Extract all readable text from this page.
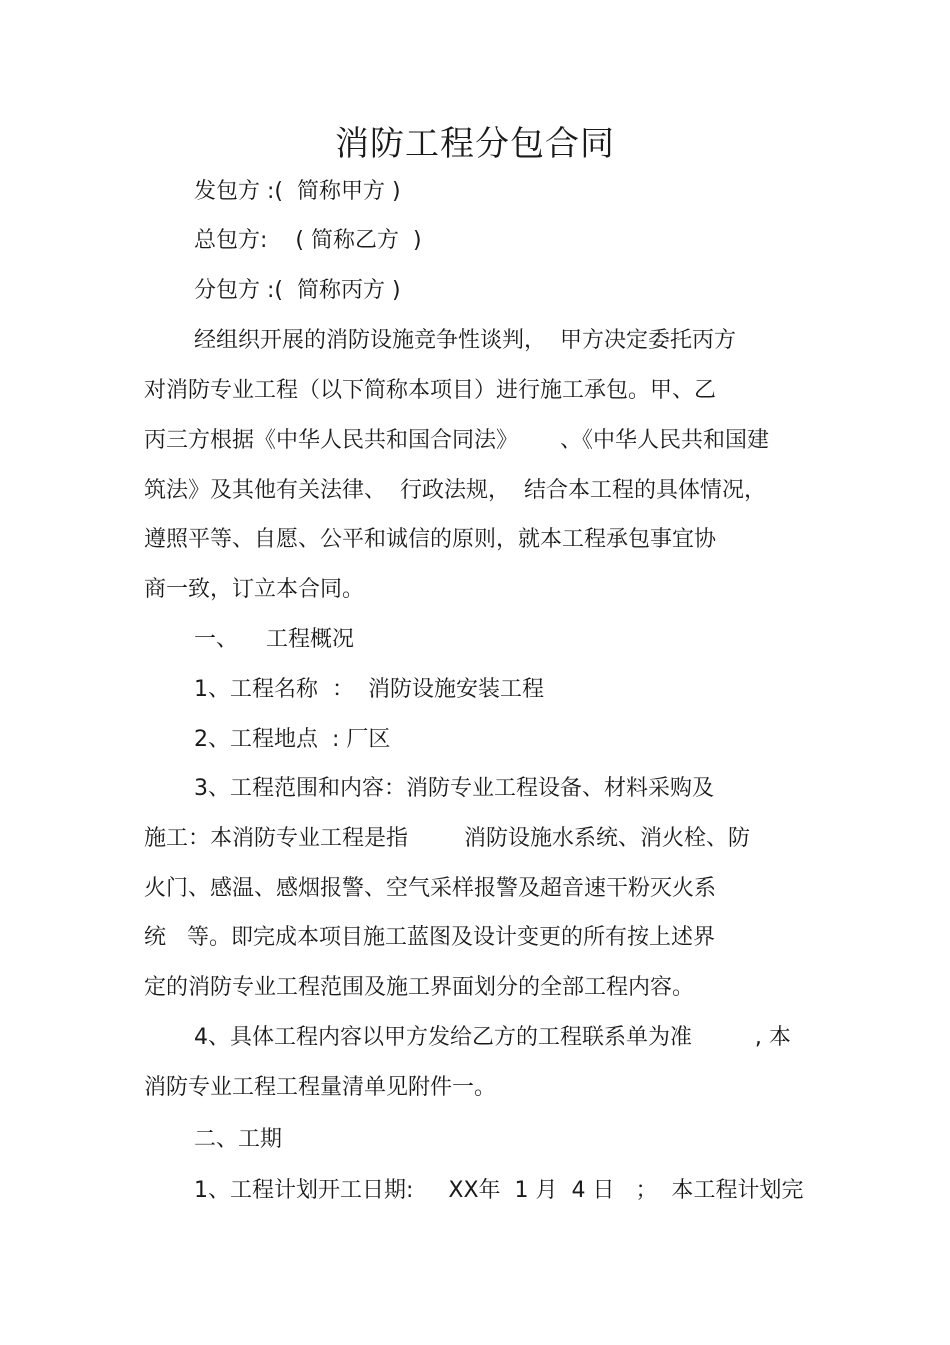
消防工程分包合同
发包方 :(  简称甲方 )
总包方:    ( 简称乙方  )
分包方 :(  简称丙方 )
经组织开展的消防设施竞争性谈判，  甲方决定委托丙方
对消防专业工程（以下简称本项目）进行施工承包。甲、乙
丙三方根据《中华人民共和国合同法》      、《中华人民共和国建
筑法》及其他有关法律、  行政法规，  结合本工程的具体情况，
遵照平等、自愿、公平和诚信的原则，就本工程承包事宜协
商一致，订立本合同。
一、    工程概况
1、工程名称  ：  消防设施安装工程
2、工程地点  : 厂区
3、工程范围和内容：消防专业工程设备、材料采购及
施工：本消防专业工程是指        消防设施水系统、消火栓、防
火门、感温、感烟报警、空气采样报警及超音速干粉灭火系
统   等。即完成本项目施工蓝图及设计变更的所有按上述界
定的消防专业工程范围及施工界面划分的全部工程内容。
4、具体工程内容以甲方发给乙方的工程联系单为准         , 本
消防专业工程工程量清单见附件一。
二、工期
1、工程计划开工日期:     XX年  1 月  4 日   ；  本工程计划完
